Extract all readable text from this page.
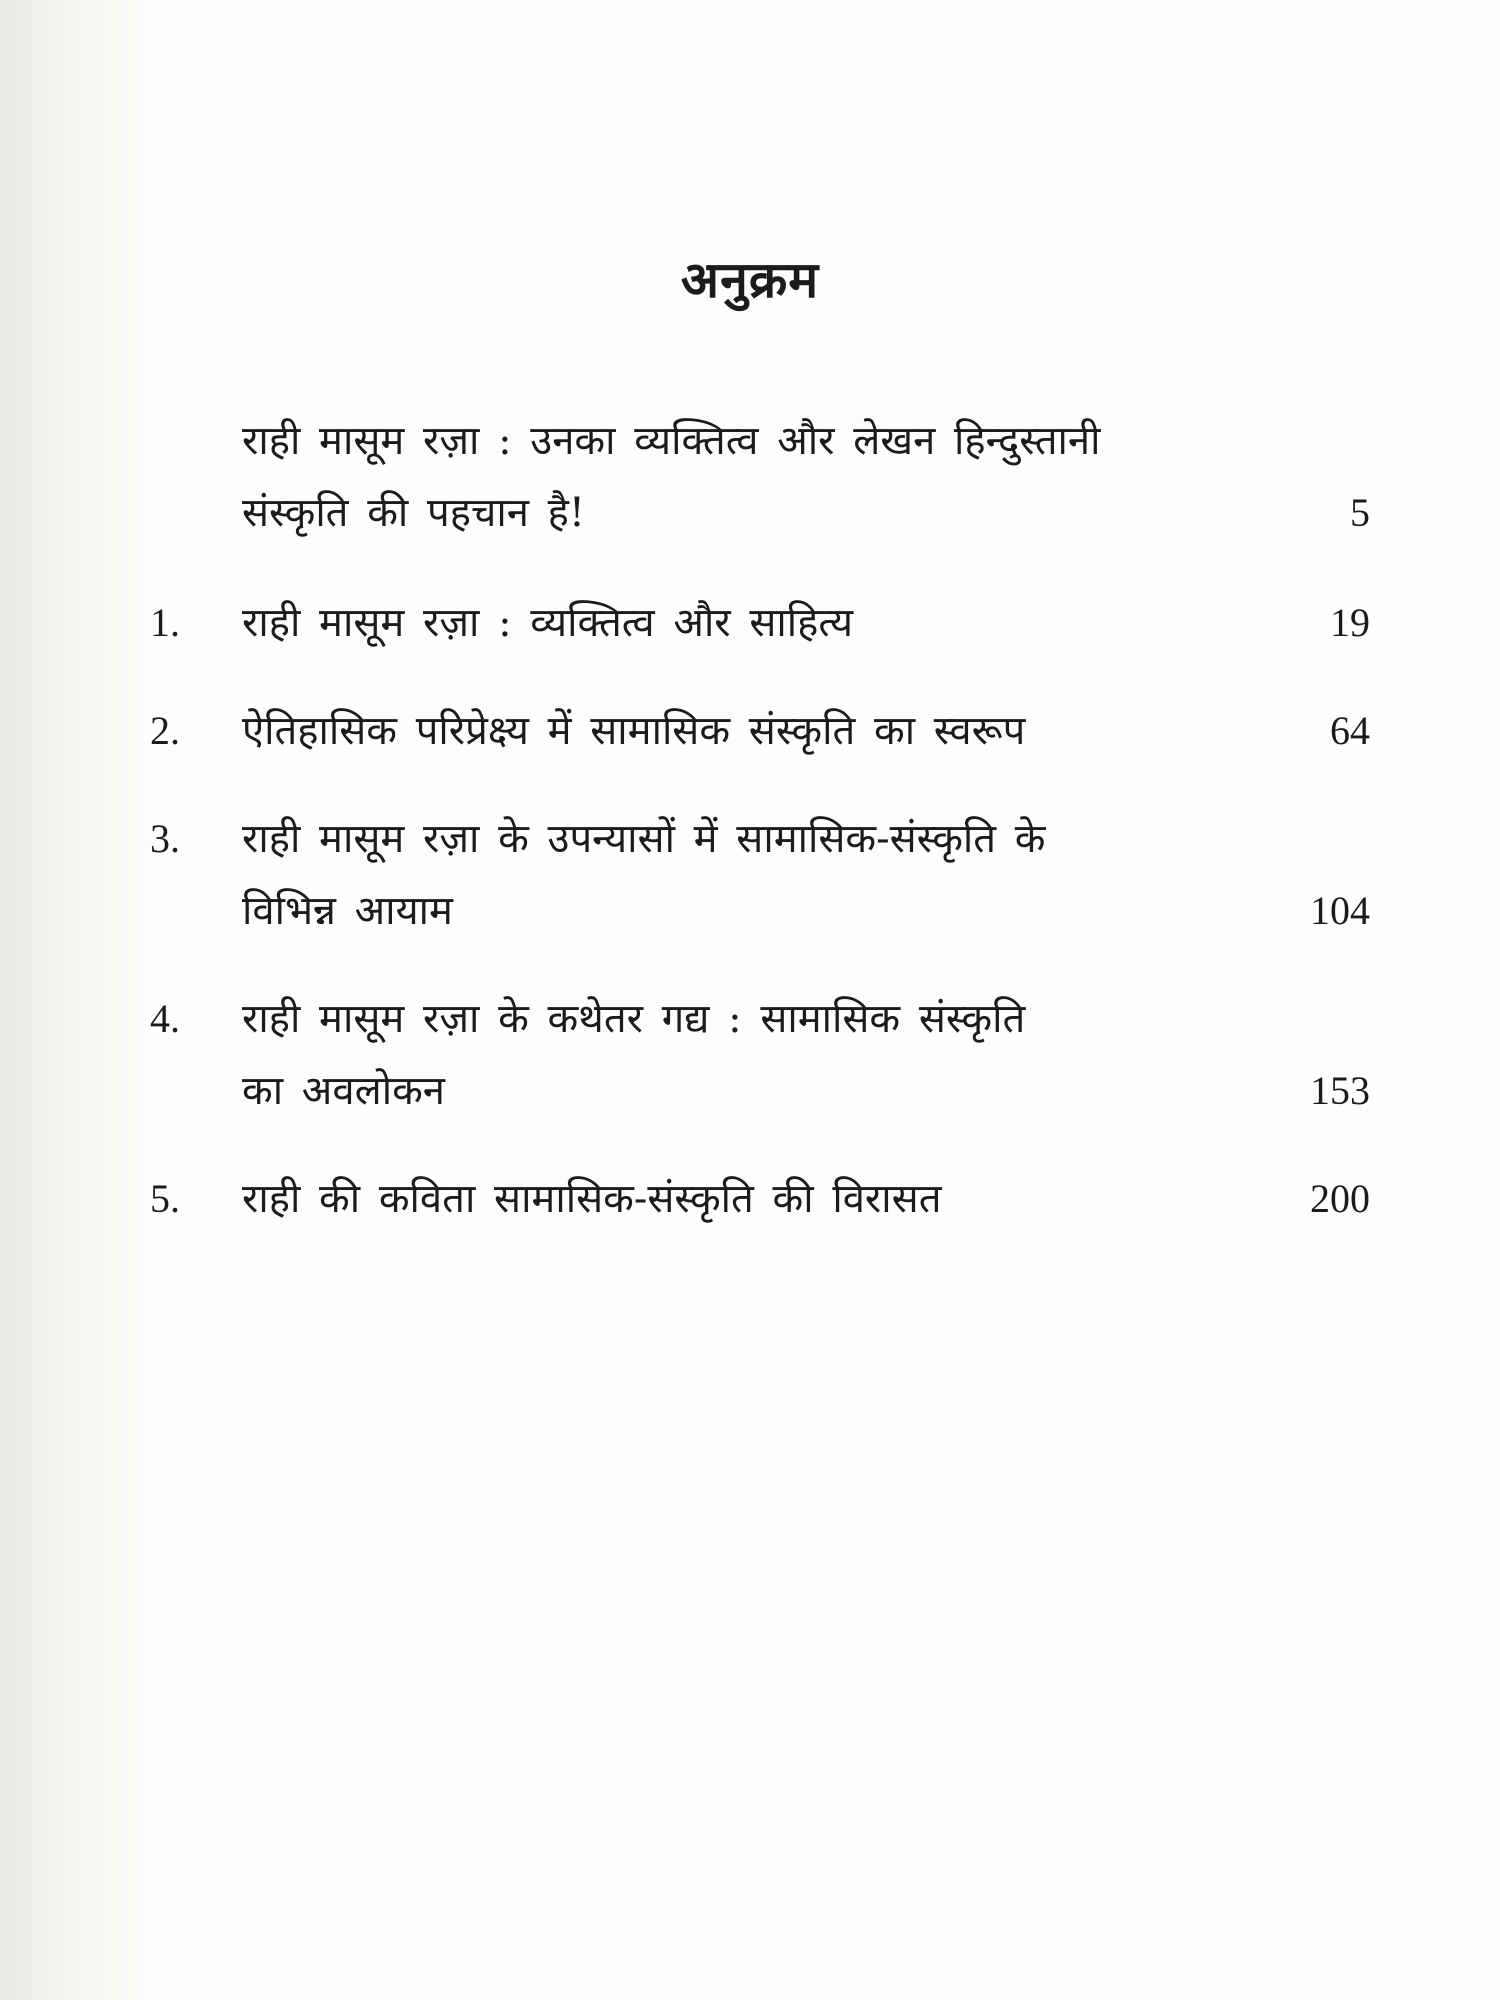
अनुक्रम
राही मासूम रज़ा : उनका व्यक्तित्व और लेखन हिन्दुस्तानी
संस्कृति की पहचान है!	5
1.	राही मासूम रज़ा : व्यक्तित्व और साहित्य	19
2.	ऐतिहासिक परिप्रेक्ष्य में सामासिक संस्कृति का स्वरूप	64
3.	राही मासूम रज़ा के उपन्यासों में सामासिक-संस्कृति के
विभिन्न आयाम	104
4.	राही मासूम रज़ा के कथेतर गद्य : सामासिक संस्कृति
का अवलोकन	153
5.	राही की कविता सामासिक-संस्कृति की विरासत	200
